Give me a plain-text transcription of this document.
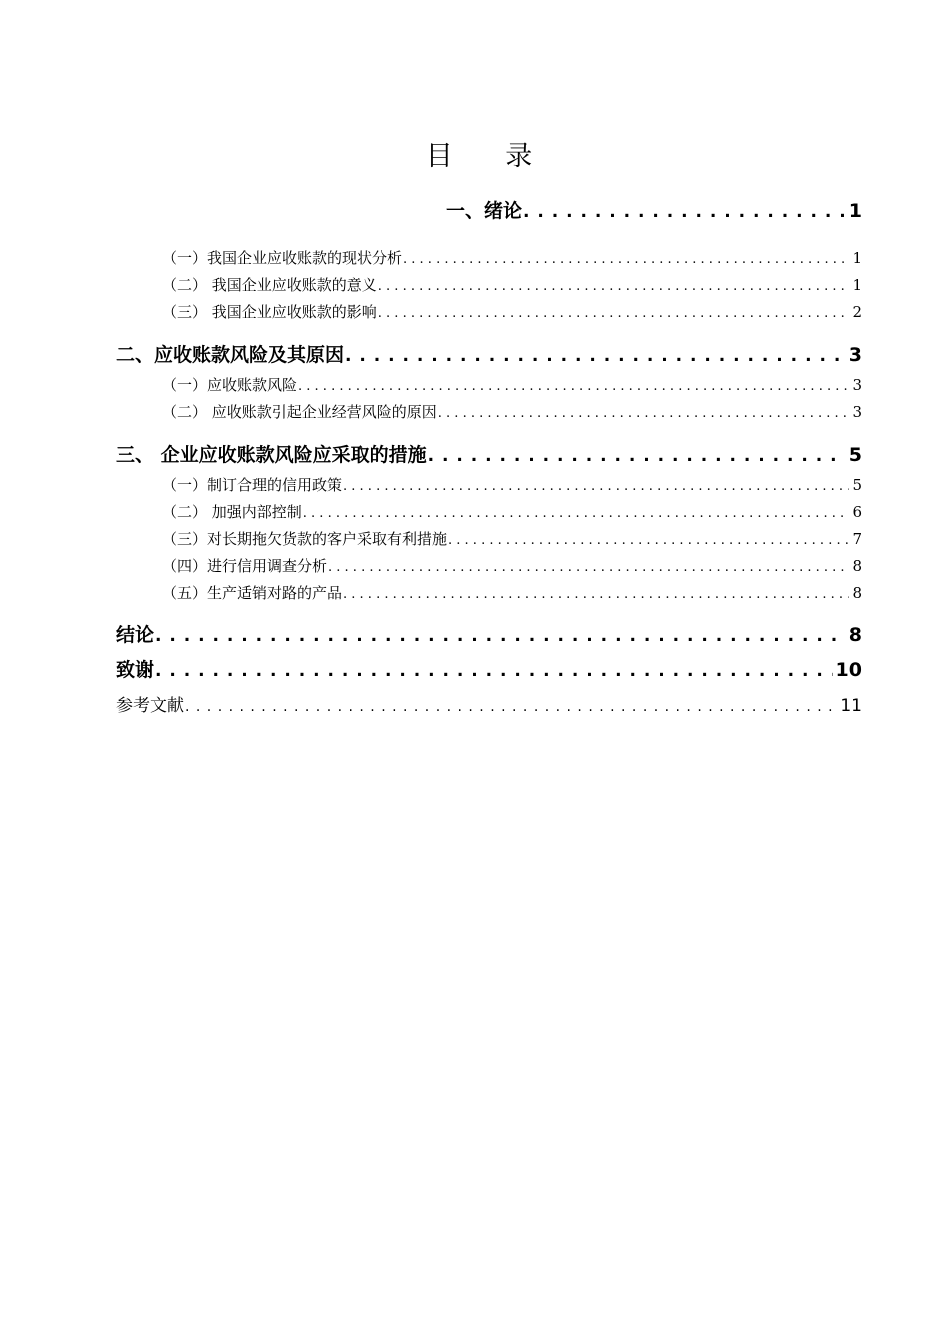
目 录
一、绪论 . . .	1
（一）我国企业应收账款的现状分析 . . .	1
（二） 我国企业应收账款的意义 . . .	1
（三） 我国企业应收账款的影响 . . .	2
二、应收账款风险及其原因 . . .	3
（一）应收账款风险 . . .	3
（二） 应收账款引起企业经营风险的原因 . . .	3
三、 企业应收账款风险应采取的措施 . . .	5
（一）制订合理的信用政策 . . .	5
（二） 加强内部控制 . . .	6
（三）对长期拖欠货款的客户采取有利措施 . . .	7
（四）进行信用调查分析 . . .	8
（五）生产适销对路的产品 . . .	8
结论 . . .	8
致谢 . . .	10
参考文献 . . .	11
